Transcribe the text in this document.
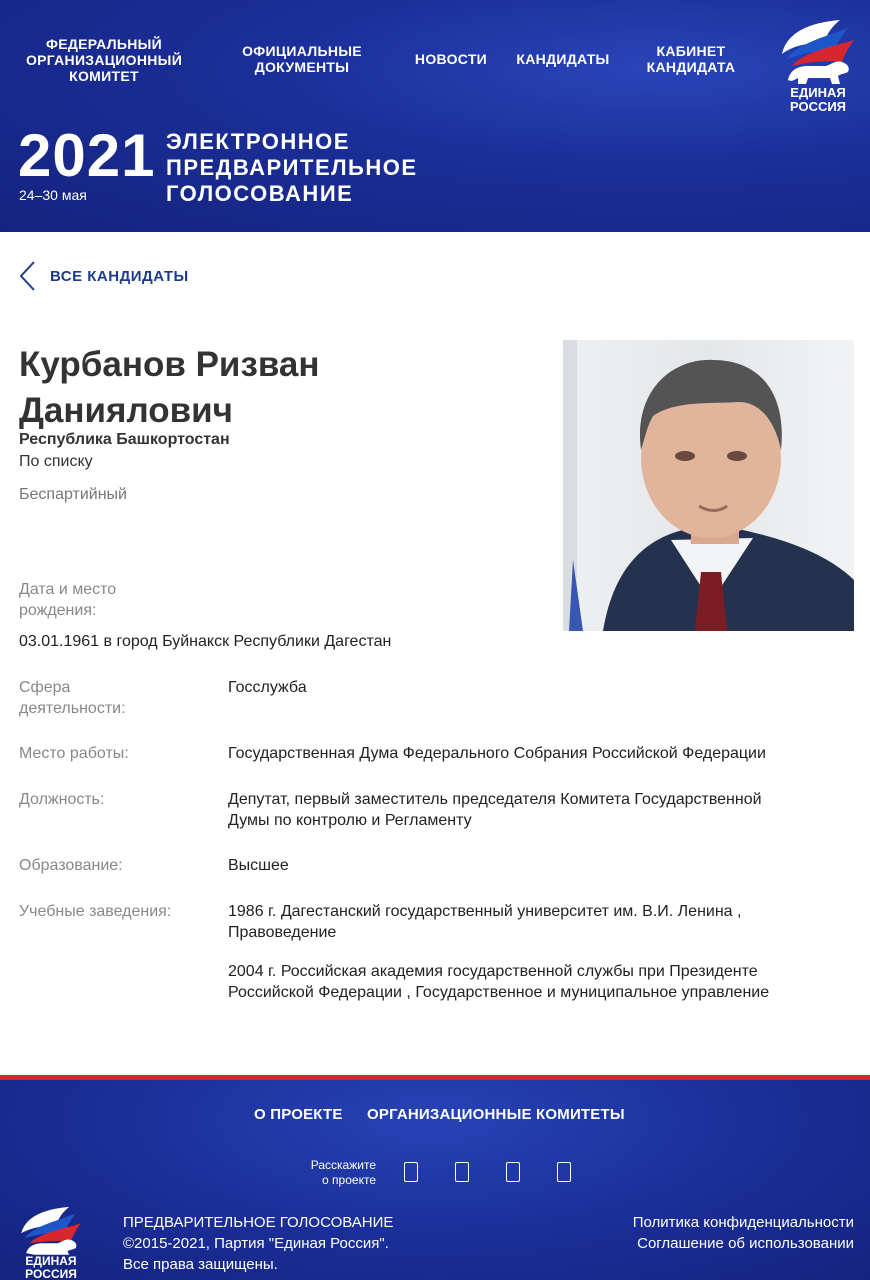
ФЕДЕРАЛЬНЫЙ
ОРГАНИЗАЦИОННЫЙ
КОМИТЕТ
ОФИЦИАЛЬНЫЕ
ДОКУМЕНТЫ	НОВОСТИ	КАНДИДАТЫ	КАБИНЕТ
КАНДИДАТА
ЕДИНАЯ
РОССИЯ
2021
24–30 мая
ЭЛЕКТРОННОЕ
ПРЕДВАРИТЕЛЬНОЕ
ГОЛОСОВАНИЕ
ВСЕ КАНДИДАТЫ
Курбанов Ризван
Даниялович
Республика Башкортостан
По списку
Беспартийный
Дата и место
рождения:
03.01.1961 в город Буйнакск Республики Дагестан
Сфера
деятельности:
Госслужба
Место работы:	Государственная Дума Федерального Собрания Российской Федерации
Должность:	Депутат, первый заместитель председателя Комитета Государственной
Думы по контролю и Регламенту
Образование:	Высшее
Учебные заведения:	1986 г. Дагестанский государственный университет им. В.И. Ленина ,
Правоведение
2004 г. Российская академия государственной службы при Президенте
Российской Федерации , Государственное и муниципальное управление
О ПРОЕКТЕ ОРГАНИЗАЦИОННЫЕ КОМИТЕТЫ
Расскажите
о проекте
ЕДИНАЯ
РОССИЯ
ПРЕДВАРИТЕЛЬНОЕ ГОЛОСОВАНИЕ
©2015-2021, Партия "Единая Россия".
Все права защищены.
Политика конфиденциальности
Соглашение об использовании
